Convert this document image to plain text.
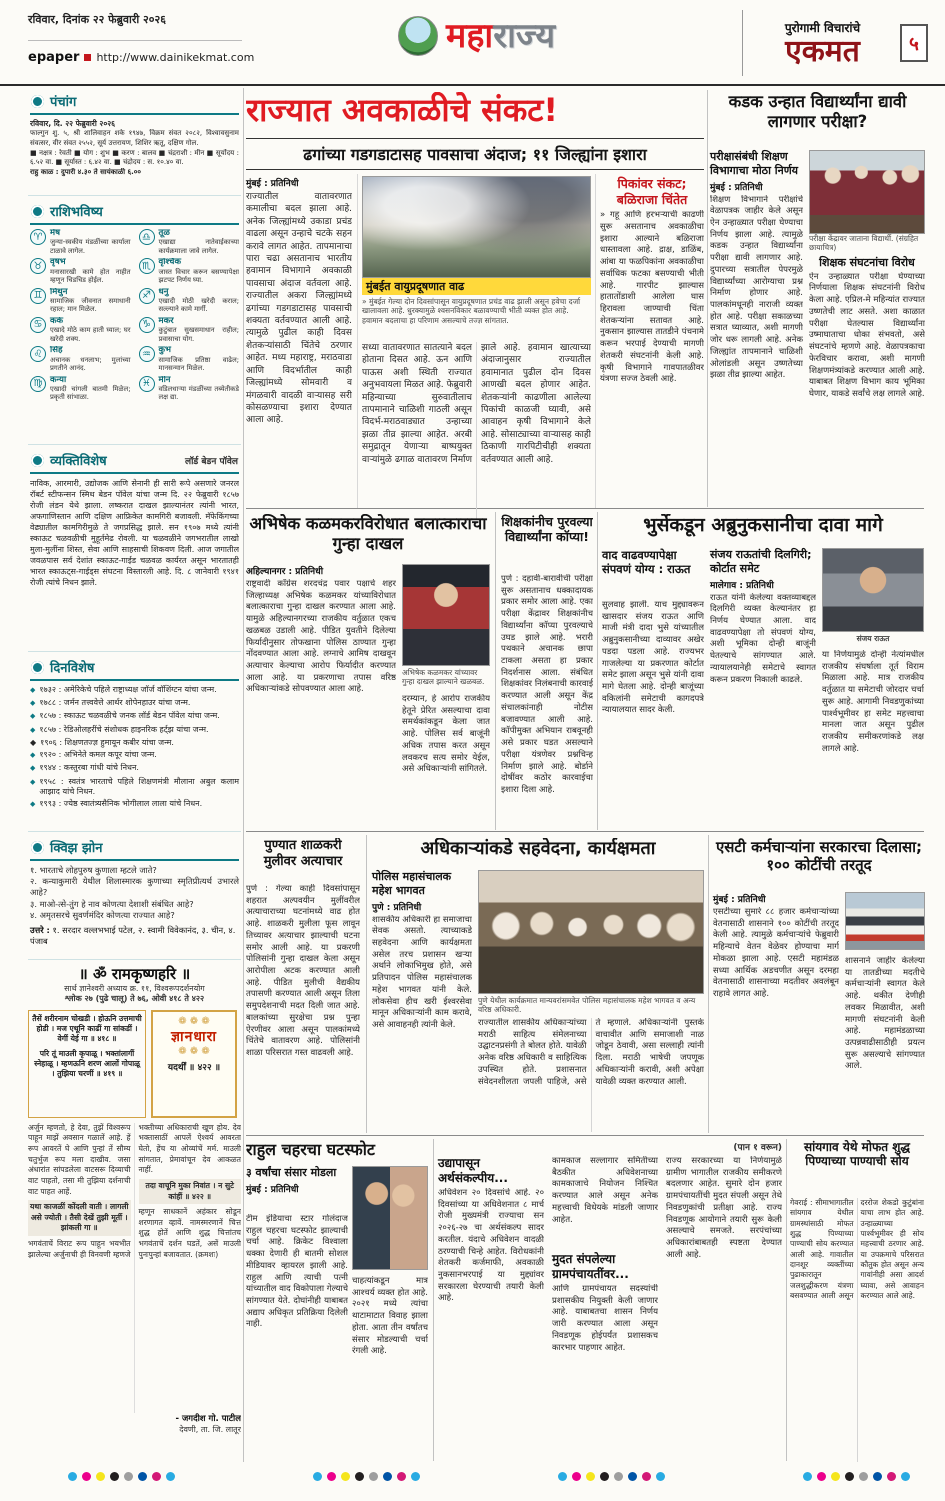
रविवार, दिनांक २२ फेब्रुवारी २०२६
epaper http://www.dainikekmat.com
महाराज्य	पुरोगामी विचारांचे
एकमत	५
पंचांग
रविवार, दि. २२ फेब्रुवारी २०२६
फाल्गुन शु. ५, श्री शालिवाहन शके १९४७, विक्रम संवत २०८२, विश्वावसुनाम संवत्सर, वीर संवत २५५२, सूर्य उत्तरायण, शिशिर ऋतू, दक्षिण गोल.
■ नक्षत्र : रेवती ■ योग : शुभ ■ करण : बालव ■ चंद्रराशी : मीन ■ सूर्योदय : ६.५२ वा. ■ सूर्यास्त : ६.४२ वा. ■ चंद्रोदय : स. १०.४० वा.
राहु काळ : दुपारी ४.३० ते सायंकाळी ६.००
राशिभविष्य
♈ मेष
जुन्या-स्वकीय मंडळींच्या कार्याला टाळावे लागेल.
♎ तूळ
एखाद्या नातेवाईकाच्या कार्यक्रमाला जावे लागेल.
♉ वृषभ
मनासारखी कामे होत नाहीत म्हणून चिडचिड होईल.
♏ वृश्चिक
जास्त विचार करून बसण्यापेक्षा झटपट निर्णय घ्या.
♊ मिथुन
सामाजिक जीवनात समाधानी रहाल; मान मिळेल.
♐ धनु
एखादी मोठी खरेदी कराल; सल्ल्याने कामे मार्गी.
♋ कर्क
एखादे मोठे काम हाती घ्याल; घर खरेदी शक्य.
♑ मकर
कुटुंबात सुखसमाधान राहील; प्रवासाचा योग.
♌ सिंह
अचानक धनलाभ; मुलांच्या प्रगतीने आनंद.
♒ कुंभ
सामाजिक प्रतिष्ठा वाढेल; मानसन्मान मिळेल.
♍ कन्या
एखादी चांगली बातमी मिळेल; प्रकृती सांभाळा.
♓ मीन
वडिलधाऱ्या मंडळींच्या तब्येतीकडे लक्ष द्या.
व्यक्तिविशेष	लॉर्ड बेडन पॉवेल
नाविक, आरमारी, उद्योजक आणि सेनानी ही सारी रूपे असणारे जनरल रॉबर्ट स्टीफन्सन स्मिथ बेडन पॉवेल यांचा जन्म दि. २२ फेब्रुवारी १८५७ रोजी लंडन येथे झाला. लष्करात दाखल झाल्यानंतर त्यांनी भारत, अफगाणिस्तान आणि दक्षिण आफ्रिकेत कामगिरी बजावली. मॅफेकिंगच्या वेढ्यातील कामगिरीमुळे ते जगप्रसिद्ध झाले. सन १९०७ मध्ये त्यांनी स्काऊट चळवळीची मुहूर्तमेढ रोवली. या चळवळीने जगभरातील लाखो मुला-मुलींना शिस्त, सेवा आणि साहसाची शिकवण दिली. आज जगातील जवळपास सर्व देशांत स्काऊट-गाईड चळवळ कार्यरत असून भारतातही भारत स्काऊट्स-गाईड्स संघटना विस्तारली आहे. दि. ८ जानेवारी १९४१ रोजी त्यांचे निधन झाले.
दिनविशेष
◆ १७३२ : अमेरिकेचे पहिले राष्ट्राध्यक्ष जॉर्ज वॉशिंग्टन यांचा जन्म.
◆ १७८८ : जर्मन तत्त्ववेत्ते आर्थर शोपेनहाउर यांचा जन्म.
◆ १८५७ : स्काऊट चळवळीचे जनक लॉर्ड बेडन पॉवेल यांचा जन्म.
◆ १८५७ : रेडिओलहरींचे संशोधक हाइनरिक हर्ट्झ यांचा जन्म.
◆ १९०६ : शिक्षणतज्ज्ञ हुमायून कबीर यांचा जन्म.
◆ १९२० : अभिनेते कमल कपूर यांचा जन्म.
◆ १९४४ : कस्तुरबा गांधी यांचे निधन.
◆ १९५८ : स्वतंत्र भारताचे पहिले शिक्षणमंत्री मौलाना अबुल कलाम आझाद यांचे निधन.
◆ १९९३ : ज्येष्ठ स्वातंत्र्यसैनिक भोगीलाल लाला यांचे निधन.
क्विझ झोन
१. भारताचे लोहपुरुष कुणाला म्हटले जाते?
२. कन्याकुमारी येथील शिलास्मारक कुणाच्या स्मृतिप्रीत्यर्थ उभारले आहे?
३. माओ-त्से-तुंग हे नाव कोणत्या देशाशी संबंधित आहे?
४. अमृतसरचे सुवर्णमंदिर कोणत्या राज्यात आहे?
उत्तरे : १. सरदार वल्लभभाई पटेल, २. स्वामी विवेकानंद, ३. चीन, ४. पंजाब
॥ ॐ रामकृष्णहरि ॥
सार्थ ज्ञानेश्वरी अध्याय क्र. ११, विश्वरूपदर्शनयोग
श्लोक २७ (पुढे चालू) ते ७६, ओवी ४१८ ते ४२२
तैसें शरीरनाम चोखडी । होऊनि उत्तमाची होडी । मज एथूनि काढीं गा सांकडीं । वेगीं येई गा ॥ ४१८ ॥
परि तूं माउली कृपाळू । भक्तांलागीं स्नेहाळू । म्हणऊनि शरण आलों गोपाळू । तुझिया चरणीं ॥ ४१९ ॥
❁ ❁ ❁
ज्ञानधारा
❁ ❁ ❁
यदर्थीं ॥ ४२२ ॥

अर्जुन म्हणतो, हे देवा, तुझें विश्वरूप पाहून माझें अवसान गळालें आहे. हें रूप आवरतें घे आणि पुन्हां तें सौम्य चतुर्भुज रूप मला दाखीव. जसा अंधारांत सांपडलेला वाटसरू दिव्याची वाट पाहतो, तसा मी तुझिया दर्शनाची वाट पाहत आहें.

यथा काजळीं कोंदली वाती । लागली असे ज्योती । तैसी देखें तुझी मूर्ती । झांकली गा ॥

भगवंताचें विराट रूप पाहून भयभीत झालेल्या अर्जुनाची ही विनवणी म्हणजे भक्तीच्या अधिकाराची खूण होय. देव भक्तासाठीं आपलें ऐश्वर्य आवरता घेतो, हेंच या ओव्यांचें मर्म. माउली सांगतात, प्रेमावांचून देव आकळत नाहीं.

तदा वाचूनि मुका निवांत । न सुटे कांहीं ॥ ४२२ ॥

म्हणून साधकानें अहंकार सोडून शरणागत व्हावें. नामस्मरणानें चित्त शुद्ध होतें आणि शुद्ध चित्तांतच भगवंताचें दर्शन घडतें, असें माउली पुनःपुन्हां बजावतात. (क्रमशः)

- जगदीश गो. पाटील
देवणी, ता. जि. लातूर
राज्यात अवकाळीचे संकट!
ढगांच्या गडगडाटासह पावसाचा अंदाज; ११ जिल्ह्यांना इशारा
मुंबई : प्रतिनिधी
राज्यातील वातावरणात कमालीचा बदल झाला आहे. अनेक जिल्ह्यांमध्ये उकाडा प्रचंड वाढला असून उन्हाचे चटके सहन करावे लागत आहेत. तापमानाचा पारा चढा असतानाच भारतीय हवामान विभागाने अवकाळी पावसाचा अंदाज वर्तवला आहे. राज्यातील अकरा जिल्ह्यांमध्ये ढगांच्या गडगडाटासह पावसाची शक्यता वर्तवण्यात आली आहे. त्यामुळे पुढील काही दिवस शेतकऱ्यांसाठी चिंतेचे ठरणार आहेत. मध्य महाराष्ट्र, मराठवाडा आणि विदर्भातील काही जिल्ह्यांमध्ये सोमवारी व मंगळवारी वादळी वाऱ्यासह सरी कोसळण्याचा इशारा देण्यात आला आहे.
मुंबईत वायुप्रदूषणात वाढ
» मुंबईत गेल्या दोन दिवसांपासून वायुप्रदूषणात प्रचंड वाढ झाली असून हवेचा दर्जा खालावला आहे. धुरक्यामुळे श्वसनविकार बळावण्याची भीती व्यक्त होत आहे. हवामान बदलाचा हा परिणाम असल्याचे तज्ज्ञ सांगतात.
सध्या वातावरणात सातत्याने बदल होताना दिसत आहे. ऊन आणि पाऊस अशी स्थिती राज्यात अनुभवायला मिळत आहे. फेब्रुवारी महिन्याच्या सुरुवातीलाच तापमानाने चाळिशी गाठली असून विदर्भ-मराठवाड्यात उन्हाच्या झळा तीव्र झाल्या आहेत. अरबी समुद्रातून येणाऱ्या बाष्पयुक्त वाऱ्यांमुळे ढगाळ वातावरण निर्माण झाले आहे. हवामान खात्याच्या अंदाजानुसार राज्यातील हवामानात पुढील दोन दिवस आणखी बदल होणार आहेत. शेतकऱ्यांनी काढणीला आलेल्या पिकांची काळजी घ्यावी, असे आवाहन कृषी विभागाने केले आहे. सोसाट्याच्या वाऱ्यासह काही ठिकाणी गारपिटीचीही शक्यता वर्तवण्यात आली आहे.
पिकांवर संकट;
बळिराजा चिंतेत
» गहू आणि हरभऱ्याची काढणी सुरू असतानाच अवकाळीचा इशारा आल्याने बळिराजा धास्तावला आहे. द्राक्ष, डाळिंब, आंबा या फळपिकांना अवकाळीचा सर्वाधिक फटका बसण्याची भीती आहे. गारपीट झाल्यास हातातोंडाशी आलेला घास हिरावला जाण्याची चिंता शेतकऱ्यांना सतावत आहे. नुकसान झाल्यास तातडीने पंचनामे करून भरपाई देण्याची मागणी शेतकरी संघटनांनी केली आहे. कृषी विभागाने गावपातळीवर यंत्रणा सज्ज ठेवली आहे.
कडक उन्हात विद्यार्थ्यांना द्यावी लागणार परीक्षा?
परीक्षासंबंधी शिक्षण विभागाचा मोठा निर्णय
मुंबई : प्रतिनिधी
शिक्षण विभागाने परीक्षांचे वेळापत्रक जाहीर केले असून ऐन उन्हाळ्यात परीक्षा घेण्याचा निर्णय झाला आहे. त्यामुळे कडक उन्हात विद्यार्थ्यांना परीक्षा द्यावी लागणार आहे. दुपारच्या सत्रातील पेपरमुळे विद्यार्थ्यांच्या आरोग्याचा प्रश्न निर्माण होणार आहे. पालकांमधूनही नाराजी व्यक्त होत आहे. परीक्षा सकाळच्या सत्रात घ्याव्यात, अशी मागणी जोर धरू लागली आहे. अनेक जिल्ह्यांत तापमानाने चाळिशी ओलांडली असून उष्णतेच्या झळा तीव्र झाल्या आहेत.
परीक्षा केंद्रावर जाताना विद्यार्थी. (संग्रहित छायाचित्र)
शिक्षक संघटनांचा विरोध
ऐन उन्हाळ्यात परीक्षा घेण्याच्या निर्णयाला शिक्षक संघटनांनी विरोध केला आहे. एप्रिल-मे महिन्यांत राज्यात उष्णतेची लाट असते. अशा काळात परीक्षा घेतल्यास विद्यार्थ्यांना उष्माघाताचा धोका संभवतो, असे संघटनांचे म्हणणे आहे. वेळापत्रकाचा फेरविचार करावा, अशी मागणी शिक्षणमंत्र्यांकडे करण्यात आली आहे. याबाबत शिक्षण विभाग काय भूमिका घेणार, याकडे सर्वांचे लक्ष लागले आहे.
अभिषेक कळमकरविरोधात बलात्काराचा गुन्हा दाखल
अहिल्यानगर : प्रतिनिधी
राष्ट्रवादी काँग्रेस शरदचंद्र पवार पक्षाचे शहर जिल्हाध्यक्ष अभिषेक कळमकर यांच्याविरोधात बलात्काराचा गुन्हा दाखल करण्यात आला आहे. यामुळे अहिल्यानगरच्या राजकीय वर्तुळात एकच खळबळ उडाली आहे. पीडित युवतीने दिलेल्या फिर्यादीनुसार तोफखाना पोलिस ठाण्यात गुन्हा नोंदवण्यात आला आहे. लग्नाचे आमिष दाखवून अत्याचार केल्याचा आरोप फिर्यादीत करण्यात आला आहे. या प्रकरणाचा तपास वरिष्ठ अधिकाऱ्यांकडे सोपवण्यात आला आहे.
अभिषेक कळमकर यांच्यावर गुन्हा दाखल झाल्याने खळबळ.
दरम्यान, हे आरोप राजकीय हेतूने प्रेरित असल्याचा दावा समर्थकांकडून केला जात आहे. पोलिस सर्व बाजूंनी अधिक तपास करत असून लवकरच सत्य समोर येईल, असे अधिकाऱ्यांनी सांगितले.
शिक्षकांनीच पुरवल्या विद्यार्थ्यांना कॉप्या!
पुणे : दहावी-बारावीची परीक्षा सुरू असतानाच धक्कादायक प्रकार समोर आला आहे. एका परीक्षा केंद्रावर शिक्षकांनीच विद्यार्थ्यांना कॉप्या पुरवल्याचे उघड झाले आहे. भरारी पथकाने अचानक छापा टाकला असता हा प्रकार निदर्शनास आला. संबंधित शिक्षकांवर निलंबनाची कारवाई करण्यात आली असून केंद्र संचालकांनाही नोटीस बजावण्यात आली आहे. कॉपीमुक्त अभियान राबवूनही असे प्रकार घडत असल्याने परीक्षा यंत्रणेवर प्रश्नचिन्ह निर्माण झाले आहे. बोर्डाने दोषींवर कठोर कारवाईचा इशारा दिला आहे.
भुर्सेकडून अब्रुनुकसानीचा दावा मागे
वाद वाढवण्यापेक्षा संपवणं योग्य : राऊत
सुलवाह झाली. याच मुद्द्यावरून खासदार संजय राऊत आणि माजी मंत्री दादा भुसे यांच्यातील अब्रुनुकसानीच्या दाव्यावर अखेर पडदा पडला आहे. राज्यभर गाजलेल्या या प्रकरणात कोर्टात समेट झाला असून भुसे यांनी दावा मागे घेतला आहे. दोन्ही बाजूंच्या वकिलांनी समेटाची कागदपत्रे न्यायालयात सादर केली.
संजय राऊतांची दिलगिरी; कोर्टात समेट
मालेगाव : प्रतिनिधी
राऊत यांनी केलेल्या वक्तव्याबद्दल दिलगिरी व्यक्त केल्यानंतर हा निर्णय घेण्यात आला. वाद वाढवण्यापेक्षा तो संपवणं योग्य, अशी भूमिका दोन्ही बाजूंनी घेतल्याचे सांगण्यात आले. न्यायालयानेही समेटाचे स्वागत करून प्रकरण निकाली काढले.
संजय राऊत
या निर्णयामुळे दोन्ही नेत्यांमधील राजकीय संघर्षाला तूर्त विराम मिळाला आहे. मात्र राजकीय वर्तुळात या समेटाची जोरदार चर्चा सुरू आहे. आगामी निवडणुकांच्या पार्श्वभूमीवर हा समेट महत्त्वाचा मानला जात असून पुढील राजकीय समीकरणांकडे लक्ष लागले आहे.
पुण्यात शाळकरी मुलीवर अत्याचार
पुणे : गेल्या काही दिवसांपासून शहरात अल्पवयीन मुलींवरील अत्याचाराच्या घटनांमध्ये वाढ होत आहे. शाळकरी मुलीला फूस लावून तिच्यावर अत्याचार झाल्याची घटना समोर आली आहे. या प्रकरणी पोलिसांनी गुन्हा दाखल केला असून आरोपीला अटक करण्यात आली आहे. पीडित मुलीची वैद्यकीय तपासणी करण्यात आली असून तिला समुपदेशनाची मदत दिली जात आहे. बालकांच्या सुरक्षेचा प्रश्न पुन्हा ऐरणीवर आला असून पालकांमध्ये चिंतेचे वातावरण आहे. पोलिसांनी शाळा परिसरात गस्त वाढवली आहे.
अधिकाऱ्यांकडे सहवेदना, कार्यक्षमता
पोलिस महासंचालक महेश भागवत
पुणे : प्रतिनिधी
शासकीय अधिकारी हा समाजाचा सेवक असतो. त्याच्याकडे सहवेदना आणि कार्यक्षमता असेल तरच प्रशासन खऱ्या अर्थाने लोकाभिमुख होते, असे प्रतिपादन पोलिस महासंचालक महेश भागवत यांनी केले. लोकसेवा हीच खरी ईश्वरसेवा मानून अधिकाऱ्यांनी काम करावे, असे आवाहनही त्यांनी केले.
पुणे येथील कार्यक्रमात मान्यवरांसमवेत पोलिस महासंचालक महेश भागवत व अन्य वरिष्ठ अधिकारी.
राज्यातील शासकीय अधिकाऱ्यांच्या मराठी साहित्य संमेलनाच्या उद्घाटनप्रसंगी ते बोलत होते. यावेळी अनेक वरिष्ठ अधिकारी व साहित्यिक उपस्थित होते. प्रशासनात संवेदनशीलता जपली पाहिजे, असे ते म्हणाले. अधिकाऱ्यांनी पुस्तके वाचावीत आणि समाजाशी नाळ जोडून ठेवावी, असा सल्लाही त्यांनी दिला. मराठी भाषेची जपणूक अधिकाऱ्यांनी करावी, अशी अपेक्षा यावेळी व्यक्त करण्यात आली.
एसटी कर्मचाऱ्यांना सरकारचा दिलासा; १०० कोटींची तरतूद
मुंबई : प्रतिनिधी
एसटीच्या सुमारे ८८ हजार कर्मचाऱ्यांच्या वेतनासाठी शासनाने १०० कोटींची तरतूद केली आहे. त्यामुळे कर्मचाऱ्यांचे फेब्रुवारी महिन्याचे वेतन वेळेवर होण्याचा मार्ग मोकळा झाला आहे. एसटी महामंडळ सध्या आर्थिक अडचणीत असून दरमहा वेतनासाठी शासनाच्या मदतीवर अवलंबून राहावे लागत आहे.
शासनाने जाहीर केलेल्या या तातडीच्या मदतीचे कर्मचाऱ्यांनी स्वागत केले आहे. थकीत देणीही लवकर मिळावीत, अशी मागणी संघटनांनी केली आहे. महामंडळाच्या उत्पन्नवाढीसाठीही प्रयत्न सुरू असल्याचे सांगण्यात आले.
राहुल चहरचा घटस्फोट
३ वर्षांचा संसार मोडला
मुंबई : प्रतिनिधी
टीम इंडियाचा स्टार गोलंदाज राहुल चहरचा घटस्फोट झाल्याची चर्चा आहे. क्रिकेट विश्वाला धक्का देणारी ही बातमी सोशल मीडियावर व्हायरल झाली आहे. राहुल आणि त्याची पत्नी यांच्यातील वाद विकोपाला गेल्याचे सांगण्यात येते. दोघांनीही याबाबत अद्याप अधिकृत प्रतिक्रिया दिलेली नाही.
चाहत्यांकडून मात्र आश्चर्य व्यक्त होत आहे. २०२१ मध्ये त्यांचा थाटामाटात विवाह झाला होता. आता तीन वर्षांतच संसार मोडल्याची चर्चा रंगली आहे.
(पान १ वरून)
उद्यापासून अर्थसंकल्पीय...
अधिवेशन २० दिवसांचे आहे. २० दिवसांच्या या अधिवेशनात ८ मार्च रोजी मुख्यमंत्री राज्याचा सन २०२६-२७ चा अर्थसंकल्प सादर करतील. यंदाचे अधिवेशन वादळी ठरण्याची चिन्हे आहेत. विरोधकांनी शेतकरी कर्जमाफी, अवकाळी नुकसानभरपाई या मुद्द्यांवर सरकारला घेरण्याची तयारी केली आहे.
कामकाज सल्लागार समितीच्या बैठकीत अधिवेशनाच्या कामकाजाचे नियोजन निश्चित करण्यात आले असून अनेक महत्त्वाची विधेयके मांडली जाणार आहेत.
मुदत संपलेल्या ग्रामपंचायतींवर...
आणि ग्रामपंचायत सदस्यांची प्रशासकीय नियुक्ती केली जाणार आहे. याबाबतचा शासन निर्णय जारी करण्यात आला असून निवडणूक होईपर्यंत प्रशासकच कारभार पाहणार आहेत.
राज्य सरकारच्या या निर्णयामुळे ग्रामीण भागातील राजकीय समीकरणे बदलणार आहेत. सुमारे दोन हजार ग्रामपंचायतींची मुदत संपली असून तेथे निवडणुकांची प्रतीक्षा आहे. राज्य निवडणूक आयोगाने तयारी सुरू केली असल्याचे समजते. सरपंचांच्या अधिकारांबाबतही स्पष्टता देण्यात आली आहे.
सांयगाव येथे मोफत शुद्ध पिण्याच्या पाण्याची सोय
गेवराई : सीमाभागातील सांयगाव येथील ग्रामस्थांसाठी मोफत शुद्ध पिण्याच्या पाण्याची सोय करण्यात आली आहे. गावातील दानशूर व्यक्तींच्या पुढाकारातून जलशुद्धीकरण यंत्रणा बसवण्यात आली असून दररोज शेकडो कुटुंबांना याचा लाभ होत आहे. उन्हाळ्याच्या पार्श्वभूमीवर ही सोय महत्त्वाची ठरणार आहे. या उपक्रमाचे परिसरात कौतुक होत असून अन्य गावांनीही असा आदर्श घ्यावा, असे आवाहन करण्यात आले आहे.
